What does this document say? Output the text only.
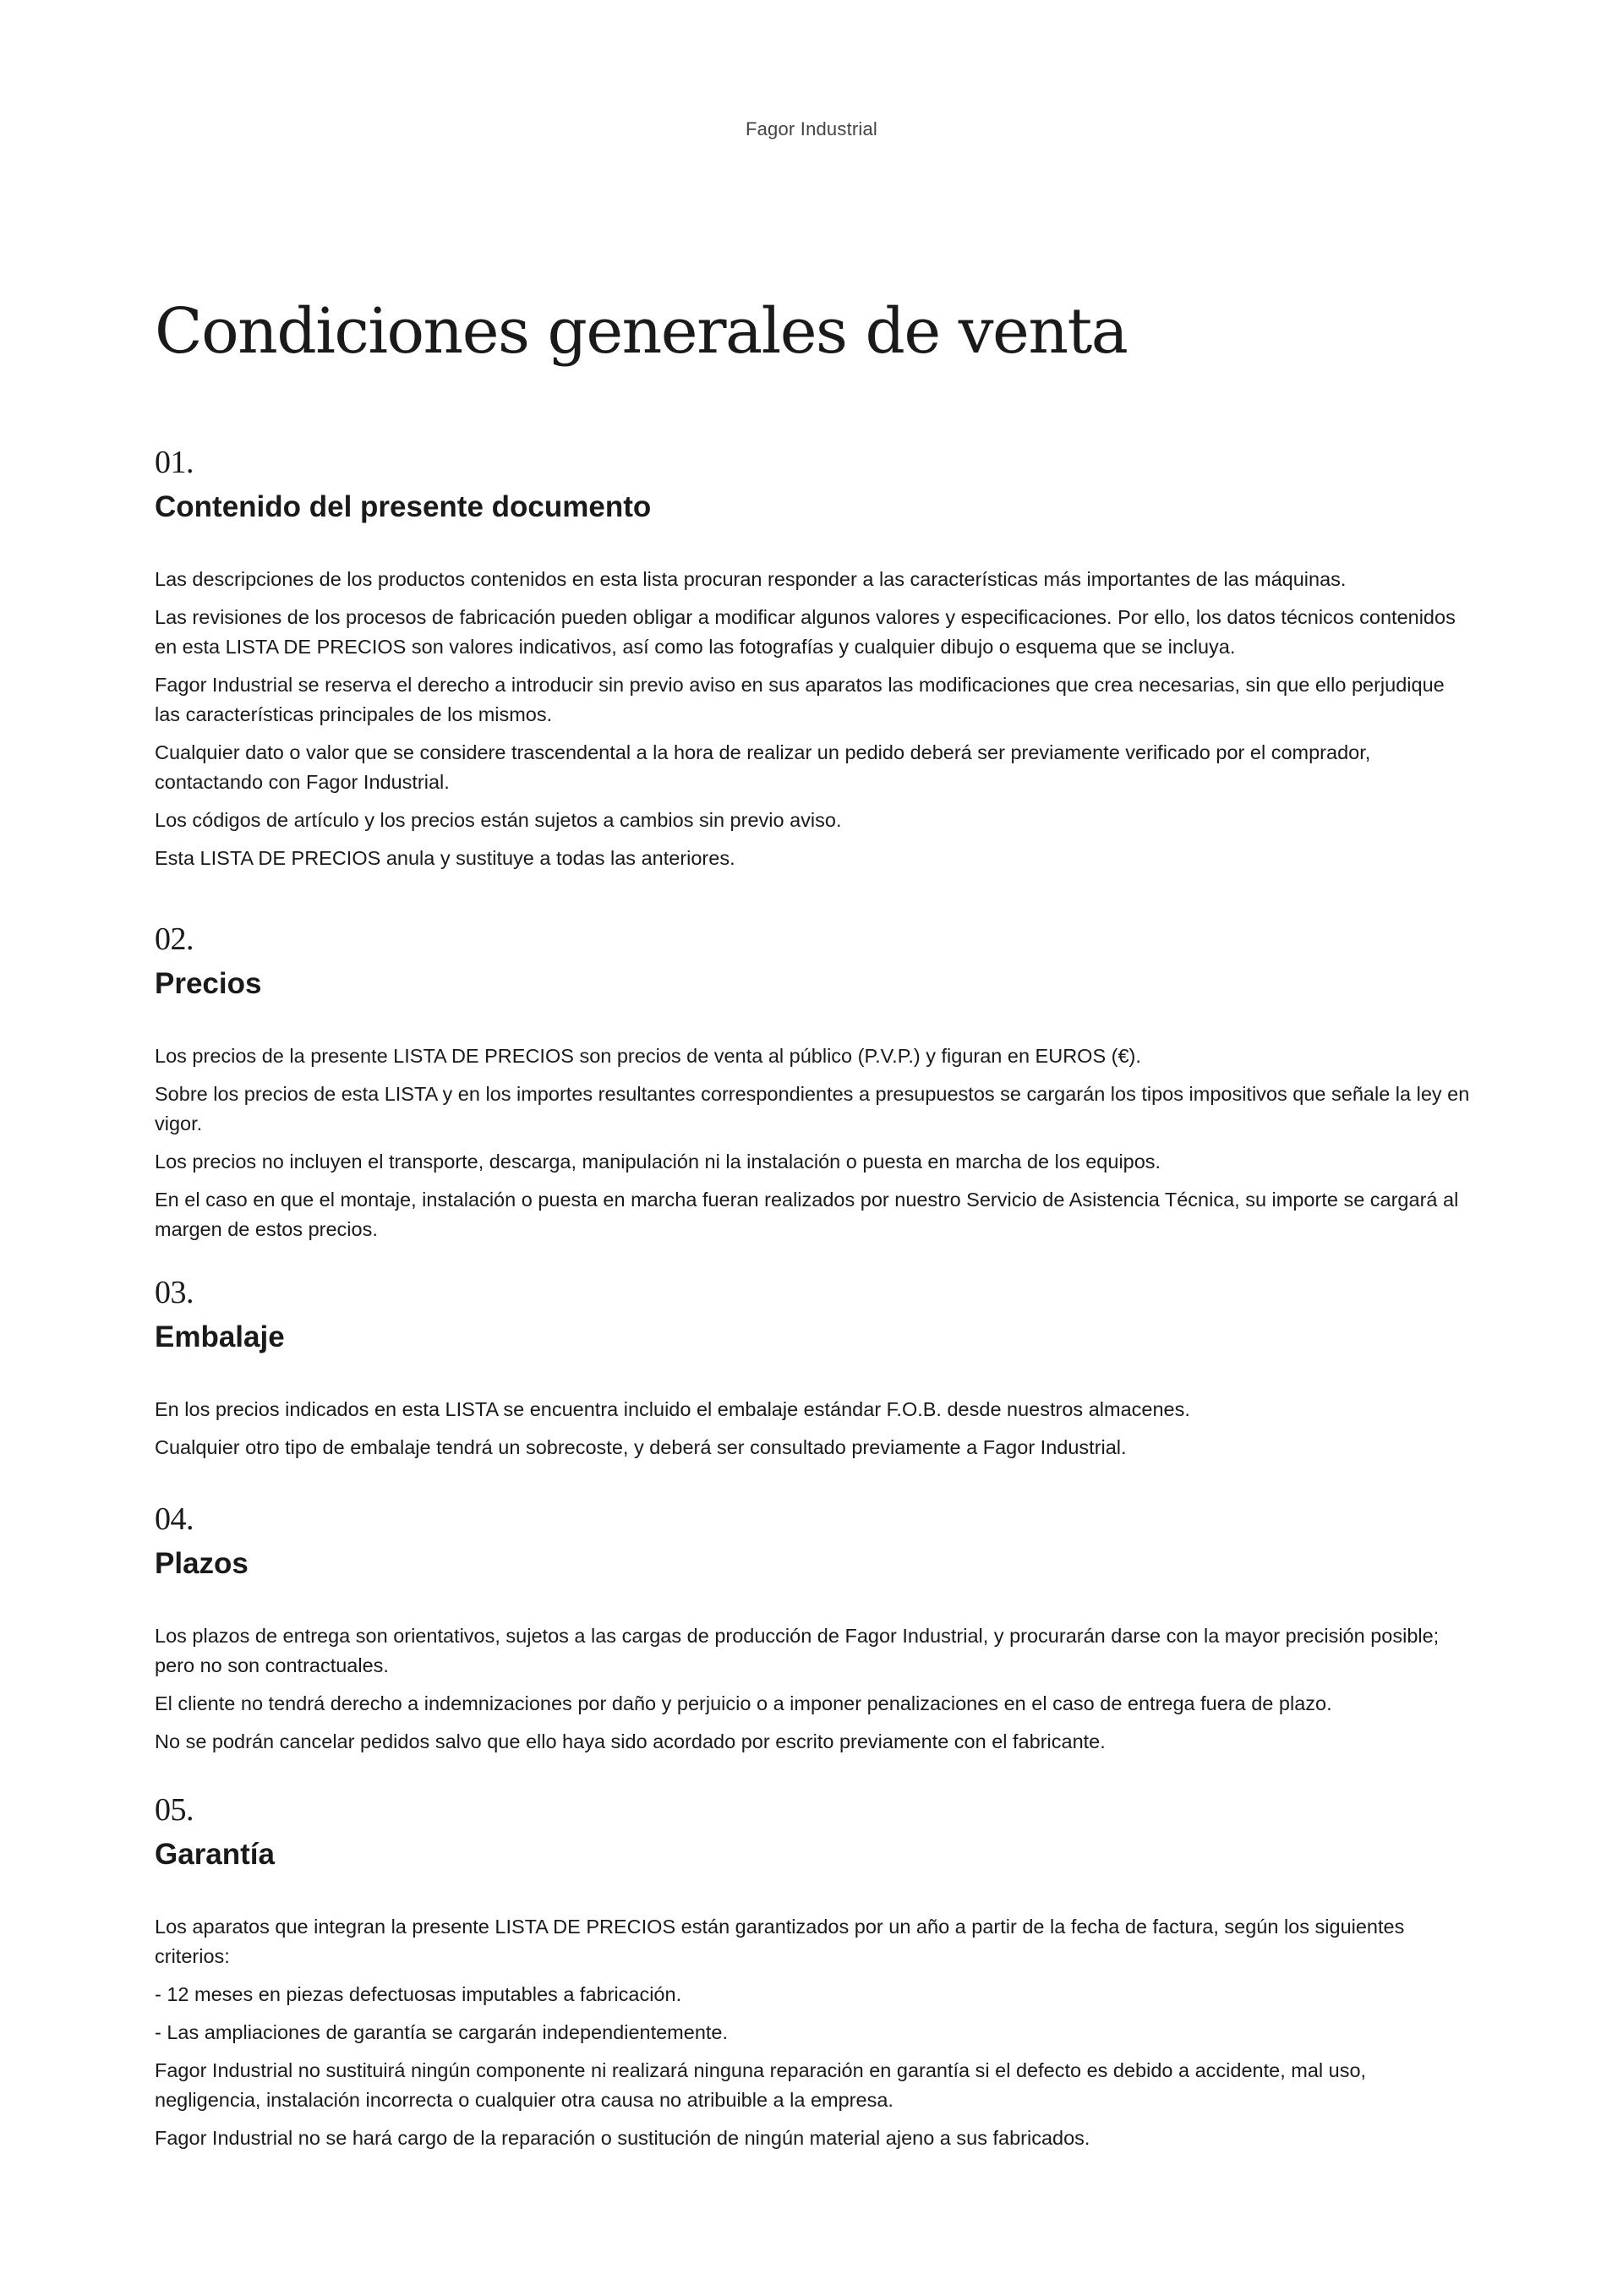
Fagor Industrial
Condiciones generales de venta
01.
Contenido del presente documento

Las descripciones de los productos contenidos en esta lista procuran responder a las características más importantes de las máquinas.

Las revisiones de los procesos de fabricación pueden obligar a modificar algunos valores y especificaciones. Por ello, los datos técnicos contenidos en esta LISTA DE PRECIOS son valores indicativos, así como las fotografías y cualquier dibujo o esquema que se incluya.

Fagor Industrial se reserva el derecho a introducir sin previo aviso en sus aparatos las modificaciones que crea necesarias, sin que ello perjudique las características principales de los mismos.

Cualquier dato o valor que se considere trascendental a la hora de realizar un pedido deberá ser previamente verificado por el comprador, contactando con Fagor Industrial.

Los códigos de artículo y los precios están sujetos a cambios sin previo aviso.

Esta LISTA DE PRECIOS anula y sustituye a todas las anteriores.

02.
Precios

Los precios de la presente LISTA DE PRECIOS son precios de venta al público (P.V.P.) y figuran en EUROS (€).

Sobre los precios de esta LISTA y en los importes resultantes correspondientes a presupuestos se cargarán los tipos impositivos que señale la ley en vigor.

Los precios no incluyen el transporte, descarga, manipulación ni la instalación o puesta en marcha de los equipos.

En el caso en que el montaje, instalación o puesta en marcha fueran realizados por nuestro Servicio de Asistencia Técnica, su importe se cargará al margen de estos precios.

03.
Embalaje

En los precios indicados en esta LISTA se encuentra incluido el embalaje estándar F.O.B. desde nuestros almacenes.

Cualquier otro tipo de embalaje tendrá un sobrecoste, y deberá ser consultado previamente a Fagor Industrial.

04.
Plazos

Los plazos de entrega son orientativos, sujetos a las cargas de producción de Fagor Industrial, y procurarán darse con la mayor precisión posible; pero no son contractuales.

El cliente no tendrá derecho a indemnizaciones por daño y perjuicio o a imponer penalizaciones en el caso de entrega fuera de plazo.

No se podrán cancelar pedidos salvo que ello haya sido acordado por escrito previamente con el fabricante.

05.
Garantía

Los aparatos que integran la presente LISTA DE PRECIOS están garantizados por un año a partir de la fecha de factura, según los siguientes criterios:

- 12 meses en piezas defectuosas imputables a fabricación.

- Las ampliaciones de garantía se cargarán independientemente.

Fagor Industrial no sustituirá ningún componente ni realizará ninguna reparación en garantía si el defecto es debido a accidente, mal uso, negligencia, instalación incorrecta o cualquier otra causa no atribuible a la empresa.

Fagor Industrial no se hará cargo de la reparación o sustitución de ningún material ajeno a sus fabricados.
